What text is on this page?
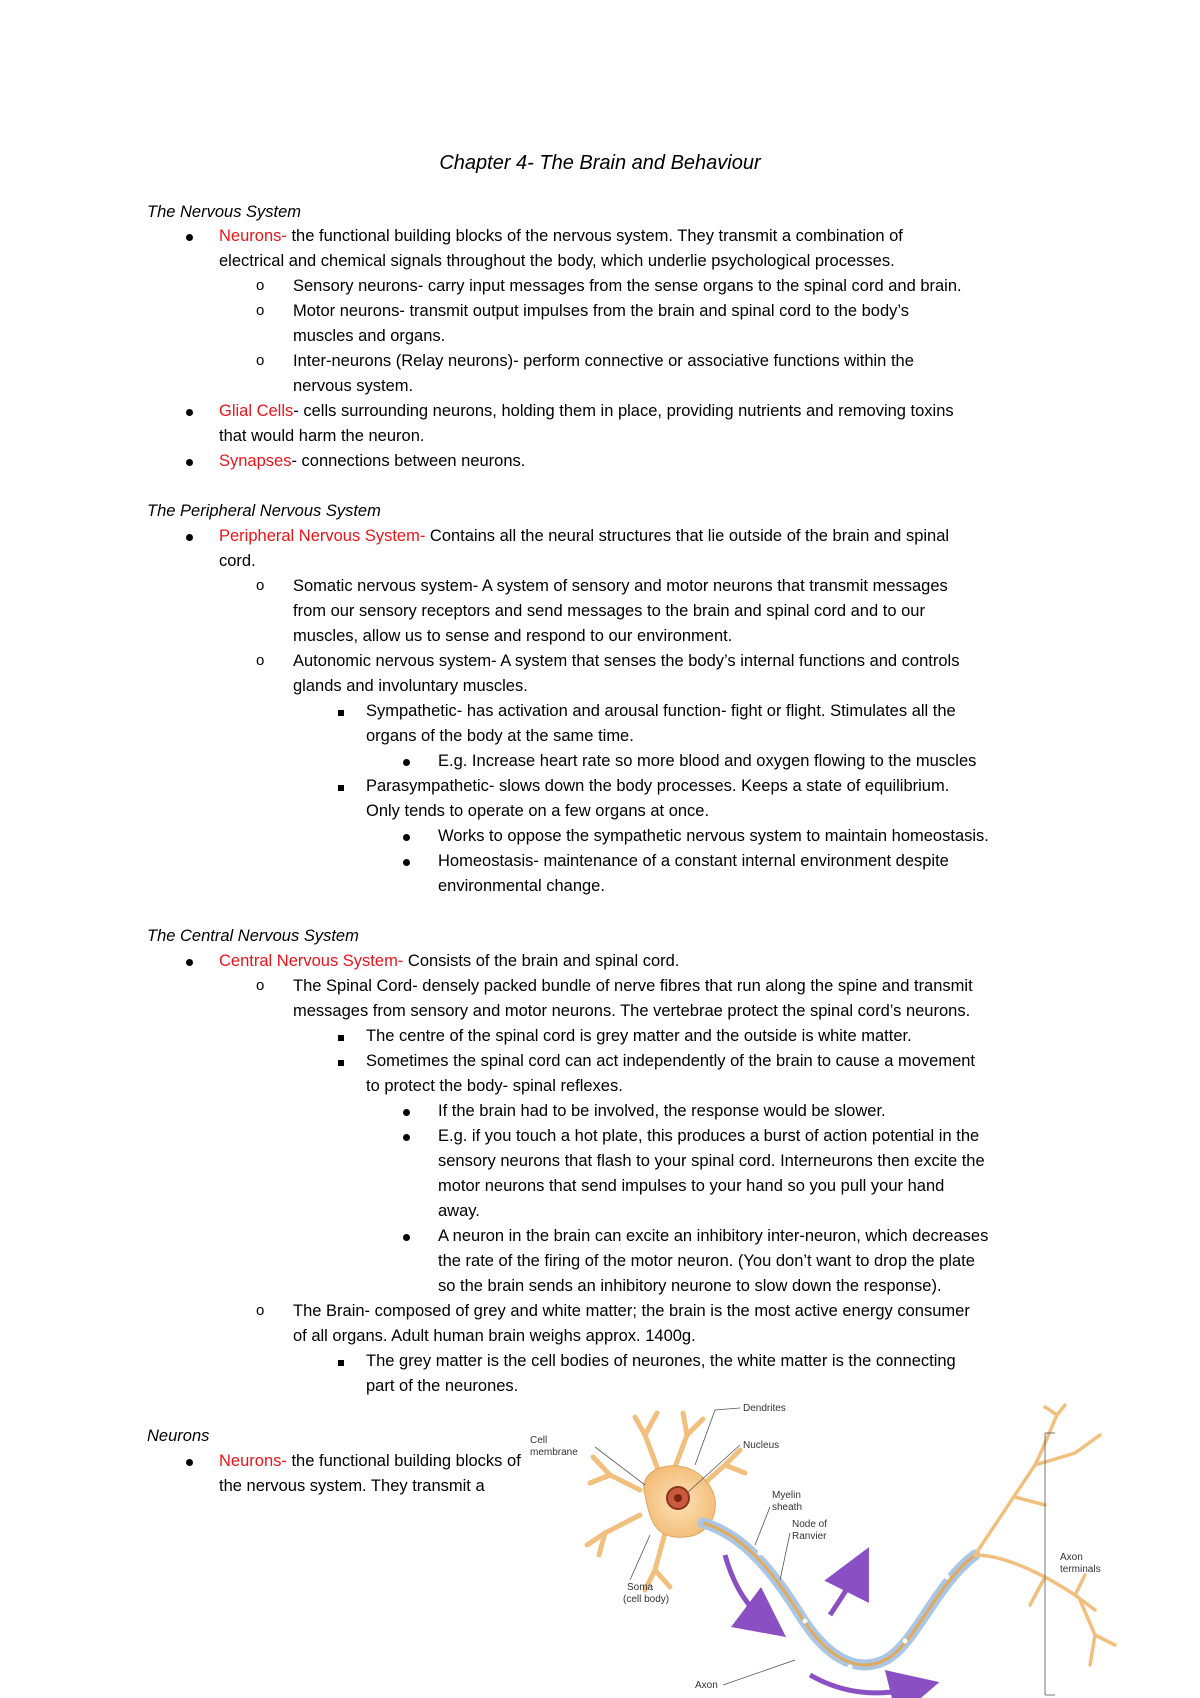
Chapter 4- The Brain and Behaviour
The Nervous System
Neurons- the functional building blocks of the nervous system. They transmit a combination of
electrical and chemical signals throughout the body, which underlie psychological processes.
o Sensory neurons- carry input messages from the sense organs to the spinal cord and brain.
o Motor neurons- transmit output impulses from the brain and spinal cord to the body’s
muscles and organs.
o Inter-neurons (Relay neurons)- perform connective or associative functions within the
nervous system.
Glial Cells- cells surrounding neurons, holding them in place, providing nutrients and removing toxins
that would harm the neuron.
Synapses- connections between neurons.
The Peripheral Nervous System
Peripheral Nervous System- Contains all the neural structures that lie outside of the brain and spinal
cord.
o Somatic nervous system- A system of sensory and motor neurons that transmit messages
from our sensory receptors and send messages to the brain and spinal cord and to our
muscles, allow us to sense and respond to our environment.
o Autonomic nervous system- A system that senses the body’s internal functions and controls
glands and involuntary muscles.
Sympathetic- has activation and arousal function- fight or flight. Stimulates all the
organs of the body at the same time.
E.g. Increase heart rate so more blood and oxygen flowing to the muscles
Parasympathetic- slows down the body processes. Keeps a state of equilibrium.
Only tends to operate on a few organs at once.
Works to oppose the sympathetic nervous system to maintain homeostasis.
Homeostasis- maintenance of a constant internal environment despite
environmental change.
The Central Nervous System
Central Nervous System- Consists of the brain and spinal cord.
o The Spinal Cord- densely packed bundle of nerve fibres that run along the spine and transmit
messages from sensory and motor neurons. The vertebrae protect the spinal cord’s neurons.
The centre of the spinal cord is grey matter and the outside is white matter.
Sometimes the spinal cord can act independently of the brain to cause a movement
to protect the body- spinal reflexes.
If the brain had to be involved, the response would be slower.
E.g. if you touch a hot plate, this produces a burst of action potential in the
sensory neurons that flash to your spinal cord. Interneurons then excite the
motor neurons that send impulses to your hand so you pull your hand
away.
A neuron in the brain can excite an inhibitory inter-neuron, which decreases
the rate of the firing of the motor neuron. (You don’t want to drop the plate
so the brain sends an inhibitory neurone to slow down the response).
o The Brain- composed of grey and white matter; the brain is the most active energy consumer
of all organs. Adult human brain weighs approx. 1400g.
The grey matter is the cell bodies of neurones, the white matter is the connecting
part of the neurones.
Neurons
Neurons- the functional building blocks of
the nervous system. They transmit a
Dendrites
Cell
membrane
Nucleus
Myelin
sheath
Node of
Ranvier
Soma
(cell body)
Axon
Axon
terminals
